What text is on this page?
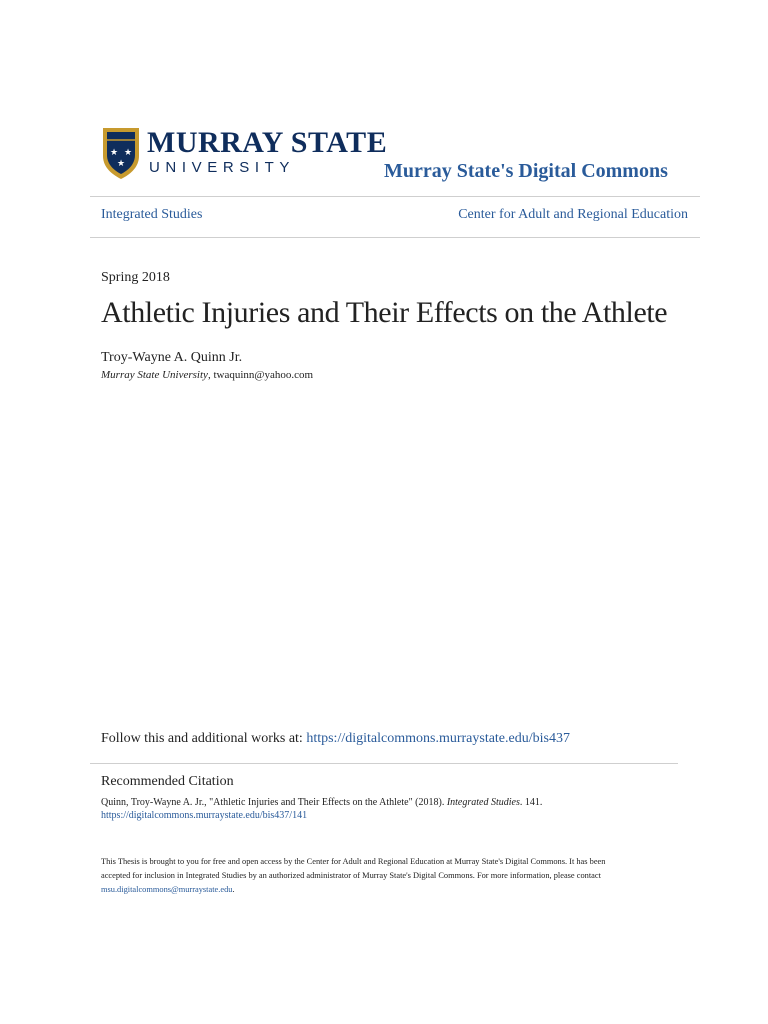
★ ★
★
MURRAY STATE
UNIVERSITY	Murray State's Digital Commons
Integrated Studies	Center for Adult and Regional Education
Spring 2018
Athletic Injuries and Their Effects on the Athlete
Troy-Wayne A. Quinn Jr.
Murray State University, twaquinn@yahoo.com
Follow this and additional works at: https://digitalcommons.murraystate.edu/bis437
Recommended Citation
Quinn, Troy-Wayne A. Jr., "Athletic Injuries and Their Effects on the Athlete" (2018). Integrated Studies. 141.
https://digitalcommons.murraystate.edu/bis437/141
This Thesis is brought to you for free and open access by the Center for Adult and Regional Education at Murray State's Digital Commons. It has been
accepted for inclusion in Integrated Studies by an authorized administrator of Murray State's Digital Commons. For more information, please contact
msu.digitalcommons@murraystate.edu.
